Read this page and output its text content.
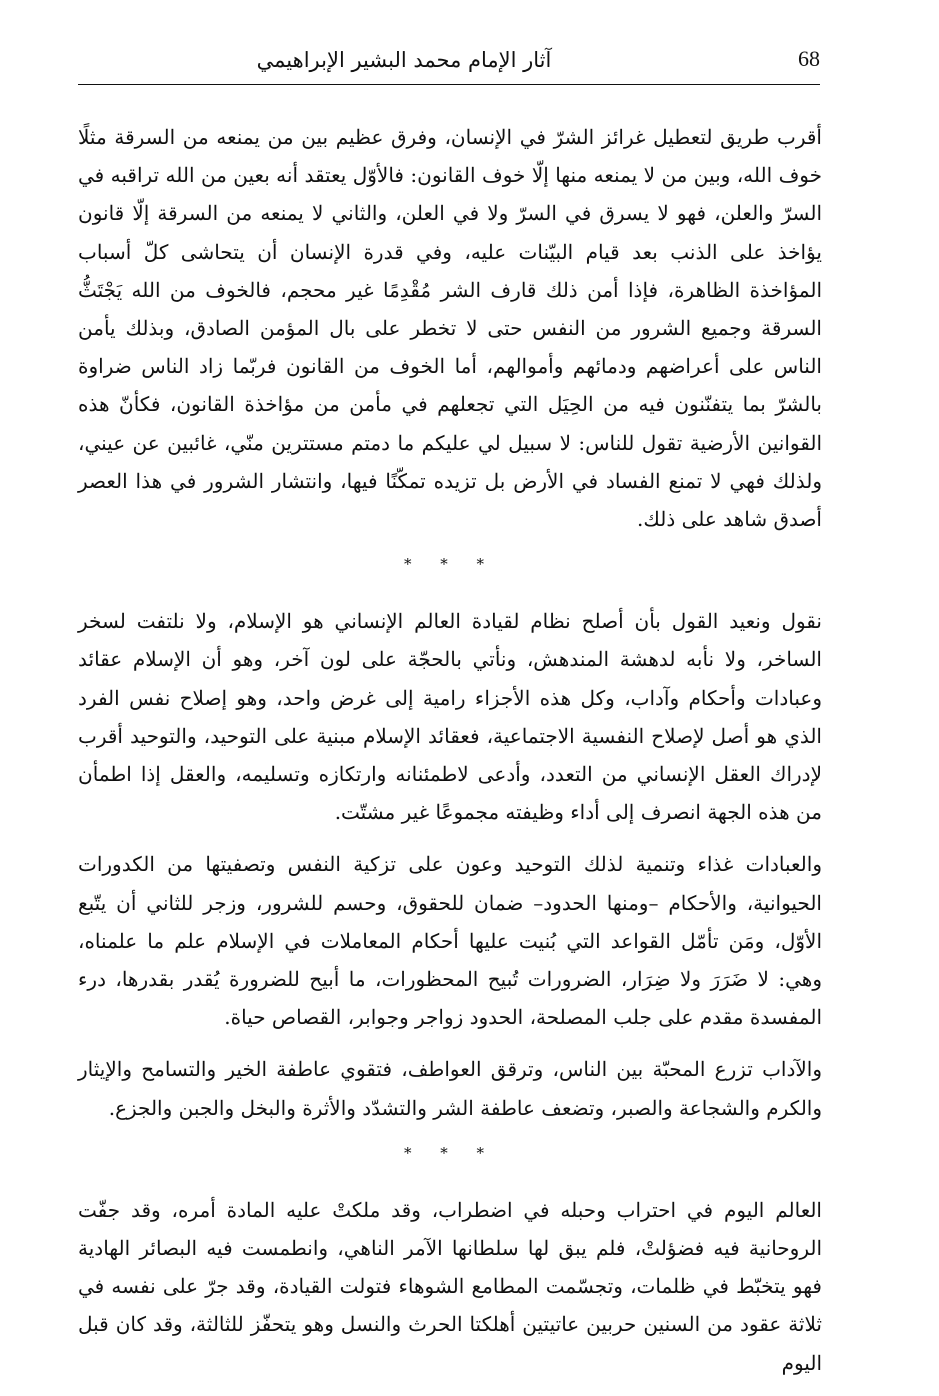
68
آثار الإمام محمد البشير الإبراهيمي

أقرب طريق لتعطيل غرائز الشرّ في الإنسان، وفرق عظيم بين من يمنعه من السرقة مثلًا خوف الله، وبين من لا يمنعه منها إلّا خوف القانون: فالأوّل يعتقد أنه بعين من الله تراقبه في السرّ والعلن، فهو لا يسرق في السرّ ولا في العلن، والثاني لا يمنعه من السرقة إلّا قانون يؤاخذ على الذنب بعد قيام البيّنات عليه، وفي قدرة الإنسان أن يتحاشى كلّ أسباب المؤاخذة الظاهرة، فإذا أمن ذلك قارف الشر مُقْدِمًا غير محجم، فالخوف من الله يَجْتَثُّ السرقة وجميع الشرور من النفس حتى لا تخطر على بال المؤمن الصادق، وبذلك يأمن الناس على أعراضهم ودمائهم وأموالهم، أما الخوف من القانون فربّما زاد الناس ضراوة بالشرّ بما يتفنّنون فيه من الحِيَل التي تجعلهم في مأمن من مؤاخذة القانون، فكأنّ هذه القوانين الأرضية تقول للناس: لا سبيل لي عليكم ما دمتم مستترين منّي، غائبين عن عيني، ولذلك فهي لا تمنع الفساد في الأرض بل تزيده تمكّنًا فيها، وانتشار الشرور في هذا العصر أصدق شاهد على ذلك.

* * *

نقول ونعيد القول بأن أصلح نظام لقيادة العالم الإنساني هو الإسلام، ولا نلتفت لسخر الساخر، ولا نأبه لدهشة المندهش، ونأتي بالحجّة على لون آخر، وهو أن الإسلام عقائد وعبادات وأحكام وآداب، وكل هذه الأجزاء رامية إلى غرض واحد، وهو إصلاح نفس الفرد الذي هو أصل لإصلاح النفسية الاجتماعية، فعقائد الإسلام مبنية على التوحيد، والتوحيد أقرب لإدراك العقل الإنساني من التعدد، وأدعى لاطمئنانه وارتكازه وتسليمه، والعقل إذا اطمأن من هذه الجهة انصرف إلى أداء وظيفته مجموعًا غير مشتّت.

والعبادات غذاء وتنمية لذلك التوحيد وعون على تزكية النفس وتصفيتها من الكدورات الحيوانية، والأحكام –ومنها الحدود– ضمان للحقوق، وحسم للشرور، وزجر للثاني أن يتّبع الأوّل، ومَن تأمّل القواعد التي بُنيت عليها أحكام المعاملات في الإسلام علم ما علمناه، وهي: لا ضَرَرَ ولا ضِرَار، الضرورات تُبيح المحظورات، ما أبيح للضرورة يُقدر بقدرها، درء المفسدة مقدم على جلب المصلحة، الحدود زواجر وجوابر، القصاص حياة.

والآداب تزرع المحبّة بين الناس، وترقق العواطف، فتقوي عاطفة الخير والتسامح والإيثار والكرم والشجاعة والصبر، وتضعف عاطفة الشر والتشدّد والأثرة والبخل والجبن والجزع.

* * *

العالم اليوم في احتراب وحبله في اضطراب، وقد ملكتْ عليه المادة أمره، وقد جفّت الروحانية فيه فضؤلتْ، فلم يبق لها سلطانها الآمر الناهي، وانطمست فيه البصائر الهادية فهو يتخبّط في ظلمات، وتجسّمت المطامع الشوهاء فتولت القيادة، وقد جرّ على نفسه في ثلاثة عقود من السنين حربين عاتيتين أهلكتا الحرث والنسل وهو يتحفّز للثالثة، وقد كان قبل اليوم
